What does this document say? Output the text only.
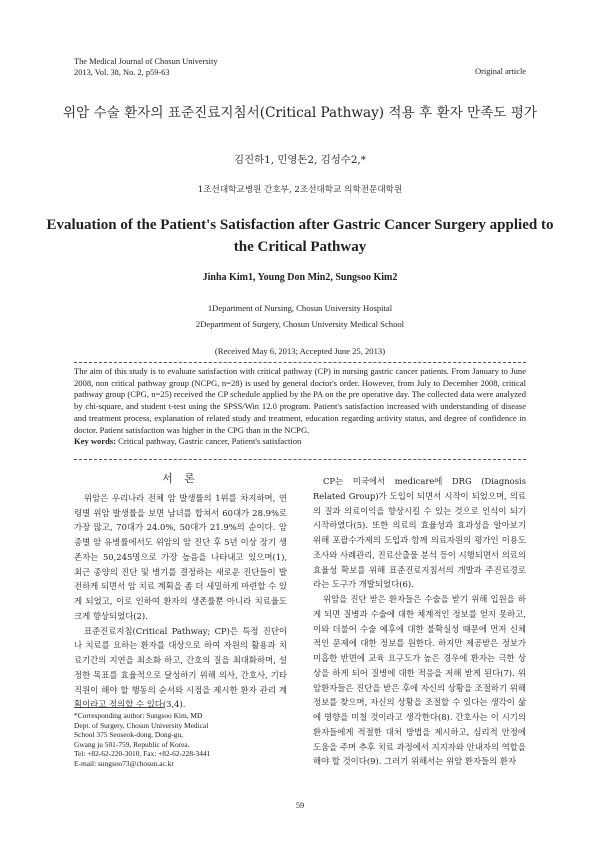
The Medical Journal of Chosun University
2013, Vol. 38, No. 2, p59-63	Original article
위암 수술 환자의 표준진료지침서(Critical Pathway) 적용 후 환자 만족도 평가
김진하1, 민영돈2, 김성수2,*
1조선대학교병원 간호부, 2조선대학교 의학전문대학원
Evaluation of the Patient's Satisfaction after Gastric Cancer Surgery applied to the Critical Pathway
Jinha Kim1, Young Don Min2, Sungsoo Kim2
1Department of Nursing, Chosun University Hospital
2Department of Surgery, Chosun University Medical School
(Received May 6, 2013; Accepted June 25, 2013)
The aim of this study is to evaluate satisfaction with critical pathway (CP) in nursing gastric cancer patients. From January to June 2008, non critical pathway group (NCPG, n=28) is used by general doctor's order. However, from July to December 2008, critical pathway group (CPG, n=25) received the CP schedule applied by the PA on the pre operative day. The collected data were analyzed by chi-square, and student t-test using the SPSS/Win 12.0 program. Patient's satisfaction increased with understanding of disease and treatment process, explanation of related study and treatment, education regarding activity status, and degree of confidence in doctor. Patient satisfaction was higher in the CPG than in the NCPG.
Key words: Critical pathway, Gastric cancer, Patient's satisfaction
서 론

위암은 우리나라 전체 암 발생률의 1위를 차지하며, 연령별 위암 발생률을 보면 남녀를 합쳐서 60대가 28.9%로 가장 많고, 70대가 24.0%, 50대가 21.9%의 순이다. 암 종별 암 유병률에서도 위암의 암 진단 후 5년 이상 장기 생존자는 50,245명으로 가장 높음을 나타내고 있으며(1), 최근 종양의 진단 및 병기를 결정하는 새로운 진단들이 발전하게 되면서 암 치료 계획을 좀 더 세밀하게 마련할 수 있게 되었고, 이로 인하여 환자의 생존률뿐 아니라 치료율도 크게 향상되었다(2).

표준진료지침(Critical Pathway; CP)은 특정 진단이나 치료를 요하는 환자를 대상으로 하여 자원의 활용과 치료기간의 지연을 최소화 하고, 간호의 질을 최대화하며, 설정한 목표를 효율적으로 달성하기 위해 의사, 간호사, 기타 직원이 해야 할 행동의 순서와 시점을 제시한 환자 관리 계획이라고 정의할 수 있다(3,4).

CP는 미국에서 medicare에 DRG (Diagnosis Related Group)가 도입이 되면서 시작이 되었으며, 의료의 질과 의료이익을 향상시킬 수 있는 것으로 인식이 되기 시작하였다(5). 또한 의료의 효율성과 효과성을 알아보기 위해 포괄수가제의 도입과 함께 의료자원의 평가인 이용도조사와 사례관리, 진료산출물 분석 등이 시행되면서 의료의 효율성 확보를 위해 표준진료지침서의 개발과 주진료경로라는 도구가 개발되었다(6).

위암을 진단 받은 환자들은 수술을 받기 위해 입원을 하게 되면 질병과 수술에 대한 체계적인 정보를 얻지 못하고, 이와 더불어 수술 예후에 대한 불확실성 때문에 먼저 신체적인 문제에 대한 정보를 원한다. 하지만 제공받은 정보가 미흡한 반면에 교육 요구도가 높은 경우에 환자는 극한 상상을 하게 되어 질병에 대한 적응을 저해 받게 된다(7). 위암환자들은 진단을 받은 후에 자신의 상황을 조절하기 위해 정보를 찾으며, 자신의 상황을 조절할 수 있다는 생각이 삶에 영향을 미칠 것이라고 생각한다(8). 간호사는 이 시기의 환자들에게 적절한 대처 방법을 제시하고, 심리적 안정에 도움을 주며 추후 치료 과정에서 지지자와 안내자의 역할을 해야 할 것이다(9). 그러기 위해서는 위암 환자들의 환자

*Corresponding author: Sungsoo Kim, MD
Dept. of Surgery, Chosun University Medical
School 375 Seoseok-dong, Dong-gu,
Gwang ju 501-759, Republic of Korea.
Tel: +82-62-220-3010, Fax: +82-62-228-3441
E-mail: sungsoo73@chosun.ac.kr
59
